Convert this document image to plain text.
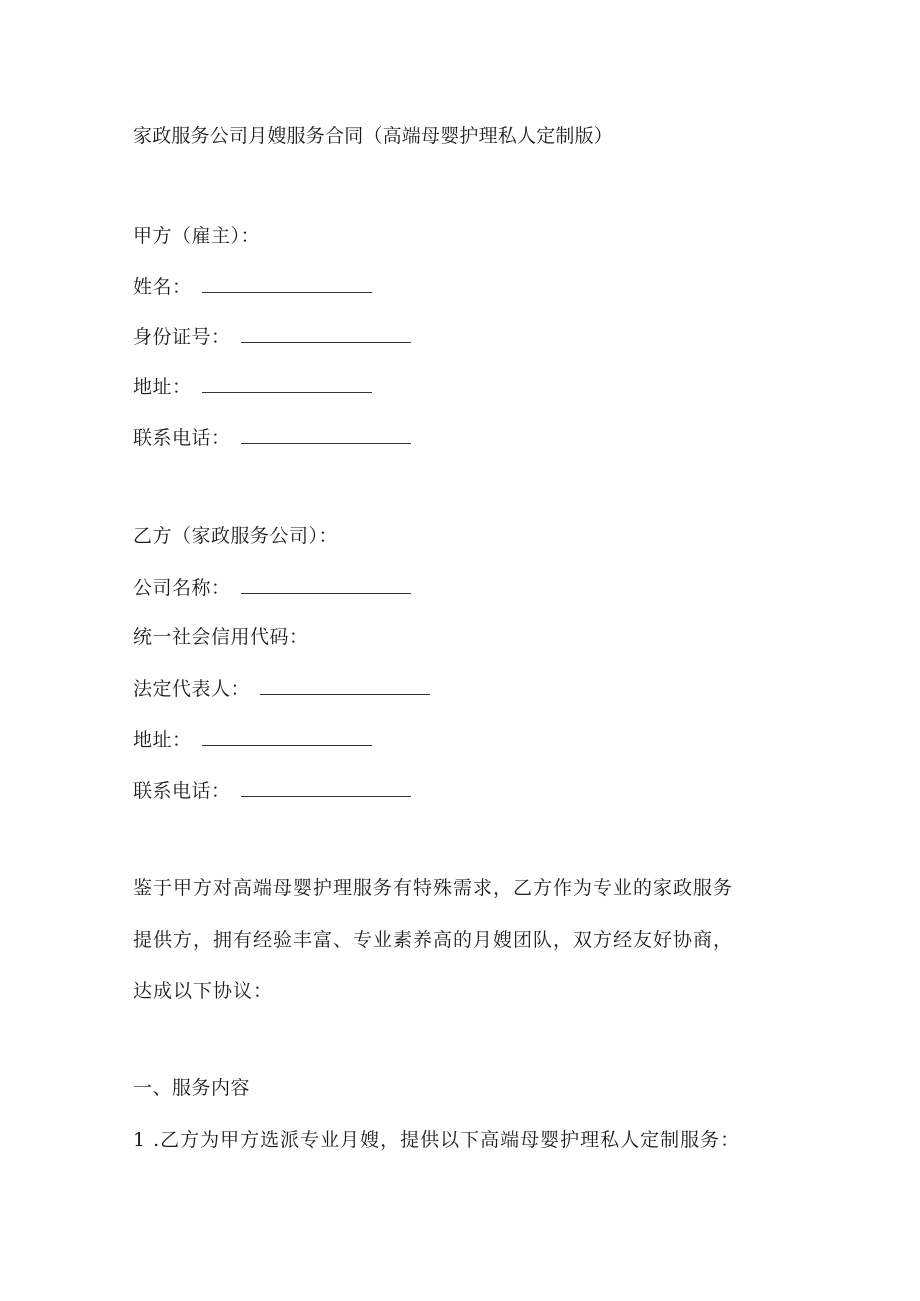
家政服务公司月嫂服务合同（高端母婴护理私人定制版）
甲方（雇主）：
姓名：
身份证号：
地址：
联系电话：
乙方（家政服务公司）：
公司名称：
统一社会信用代码：
法定代表人：
地址：
联系电话：
鉴于甲方对高端母婴护理服务有特殊需求，乙方作为专业的家政服务
提供方，拥有经验丰富、专业素养高的月嫂团队，双方经友好协商，
达成以下协议：
一、服务内容
1 .乙方为甲方选派专业月嫂，提供以下高端母婴护理私人定制服务：
